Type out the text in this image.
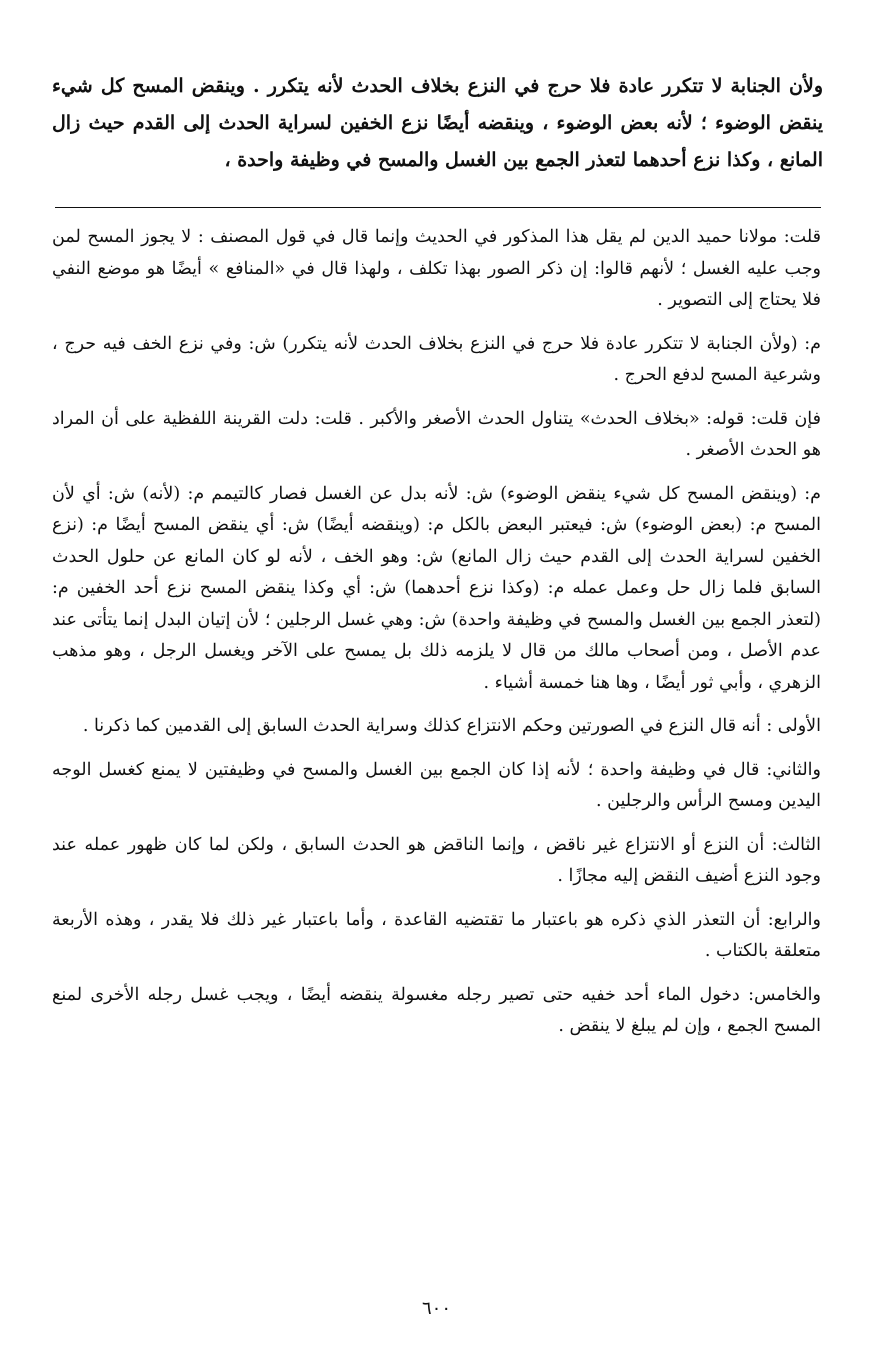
ولأن الجنابة لا تتكرر عادة فلا حرج في النزع بخلاف الحدث لأنه يتكرر . وينقض المسح كل شيء ينقض الوضوء ؛ لأنه بعض الوضوء ، وينقضه أيضًا نزع الخفين لسراية الحدث إلى القدم حيث زال المانع ، وكذا نزع أحدهما لتعذر الجمع بين الغسل والمسح في وظيفة واحدة ،

قلت: مولانا حميد الدين لم يقل هذا المذكور في الحديث وإنما قال في قول المصنف : لا يجوز المسح لمن وجب عليه الغسل ؛ لأنهم قالوا: إن ذكر الصور بهذا تكلف ، ولهذا قال في «المنافع » أيضًا هو موضع النفي فلا يحتاج إلى التصوير .

م: (ولأن الجنابة لا تتكرر عادة فلا حرج في النزع بخلاف الحدث لأنه يتكرر) ش: وفي نزع الخف فيه حرج ، وشرعية المسح لدفع الحرج .

فإن قلت: قوله: «بخلاف الحدث» يتناول الحدث الأصغر والأكبر . قلت: دلت القرينة اللفظية على أن المراد هو الحدث الأصغر .

م: (وينقض المسح كل شيء ينقض الوضوء) ش: لأنه بدل عن الغسل فصار كالتيمم م: (لأنه) ش: أي لأن المسح م: (بعض الوضوء) ش: فيعتبر البعض بالكل م: (وينقضه أيضًا) ش: أي ينقض المسح أيضًا م: (نزع الخفين لسراية الحدث إلى القدم حيث زال المانع) ش: وهو الخف ، لأنه لو كان المانع عن حلول الحدث السابق فلما زال حل وعمل عمله م: (وكذا نزع أحدهما) ش: أي وكذا ينقض المسح نزع أحد الخفين م: (لتعذر الجمع بين الغسل والمسح في وظيفة واحدة) ش: وهي غسل الرجلين ؛ لأن إتيان البدل إنما يتأتى عند عدم الأصل ، ومن أصحاب مالك من قال لا يلزمه ذلك بل يمسح على الآخر ويغسل الرجل ، وهو مذهب الزهري ، وأبي ثور أيضًا ، وها هنا خمسة أشياء .

الأولى : أنه قال النزع في الصورتين وحكم الانتزاع كذلك وسراية الحدث السابق إلى القدمين كما ذكرنا .

والثاني: قال في وظيفة واحدة ؛ لأنه إذا كان الجمع بين الغسل والمسح في وظيفتين لا يمنع كغسل الوجه اليدين ومسح الرأس والرجلين .

الثالث: أن النزع أو الانتزاع غير ناقض ، وإنما الناقض هو الحدث السابق ، ولكن لما كان ظهور عمله عند وجود النزع أضيف النقض إليه مجازًا .

والرابع: أن التعذر الذي ذكره هو باعتبار ما تقتضيه القاعدة ، وأما باعتبار غير ذلك فلا يقدر ، وهذه الأربعة متعلقة بالكتاب .

والخامس: دخول الماء أحد خفيه حتى تصير رجله مغسولة ينقضه أيضًا ، ويجب غسل رجله الأخرى لمنع المسح الجمع ، وإن لم يبلغ لا ينقض .

٦٠٠
